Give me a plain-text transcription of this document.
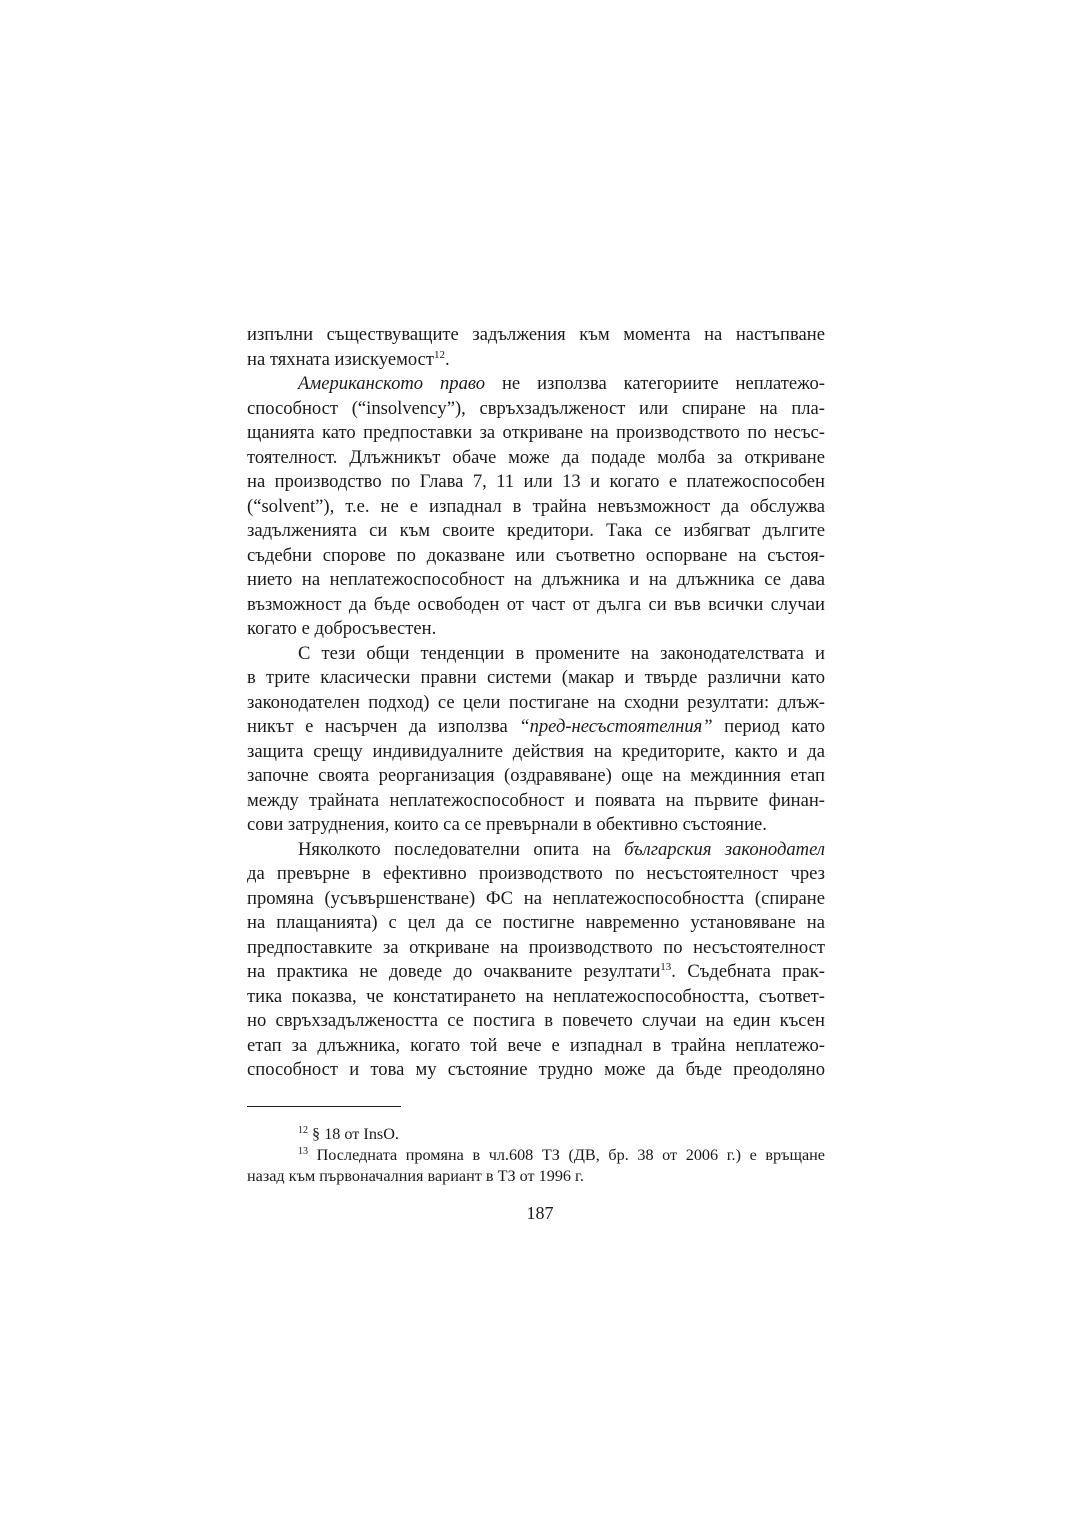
изпълни съществуващите задължения към момента на настъпване
на тяхната изискуемост$^{12}$.
Американското право не използва категориите неплатежо-
способност (“insolvency”), свръхзадълженост или спиране на пла-
щанията като предпоставки за откриване на производството по несъс-
тоятелност. Длъжникът обаче може да подаде молба за откриване
на производство по Глава 7, 11 или 13 и когато е платежоспособен
(“solvent”), т.е. не е изпаднал в трайна невъзможност да обслужва
задълженията си към своите кредитори. Така се избягват дългите
съдебни спорове по доказване или съответно оспорване на състоя-
нието на неплатежоспособност на длъжника и на длъжника се дава
възможност да бъде освободен от част от дълга си във всички случаи
когато е добросъвестен.
С тези общи тенденции в промените на законодателствата и
в трите класически правни системи (макар и твърде различни като
законодателен подход) се цели постигане на сходни резултати: длъж-
никът е насърчен да използва “пред-несъстоятелния” период като
защита срещу индивидуалните действия на кредиторите, както и да
започне своята реорганизация (оздравяване) още на междинния етап
между трайната неплатежоспособност и появата на първите финан-
сови затруднения, които са се превърнали в обективно състояние.
Няколкото последователни опита на българския законодател
да превърне в ефективно производството по несъстоятелност чрез
промяна (усъвършенстване) ФС на неплатежоспособността (спиране
на плащанията) с цел да се постигне навременно установяване на
предпоставките за откриване на производството по несъстоятелност
на практика не доведе до очакваните резултати$^{13}$. Съдебната прак-
тика показва, че констатирането на неплатежоспособността, съответ-
но свръхзадължеността се постига в повечето случаи на един късен
етап за длъжника, когато той вече е изпаднал в трайна неплатежо-
способност и това му състояние трудно може да бъде преодоляно
$^{12}$ § 18 от InsO.
$^{13}$ Последната промяна в чл.608 ТЗ (ДВ, бр. 38 от 2006 г.) е връщане
назад към първоначалния вариант в ТЗ от 1996 г.
187
